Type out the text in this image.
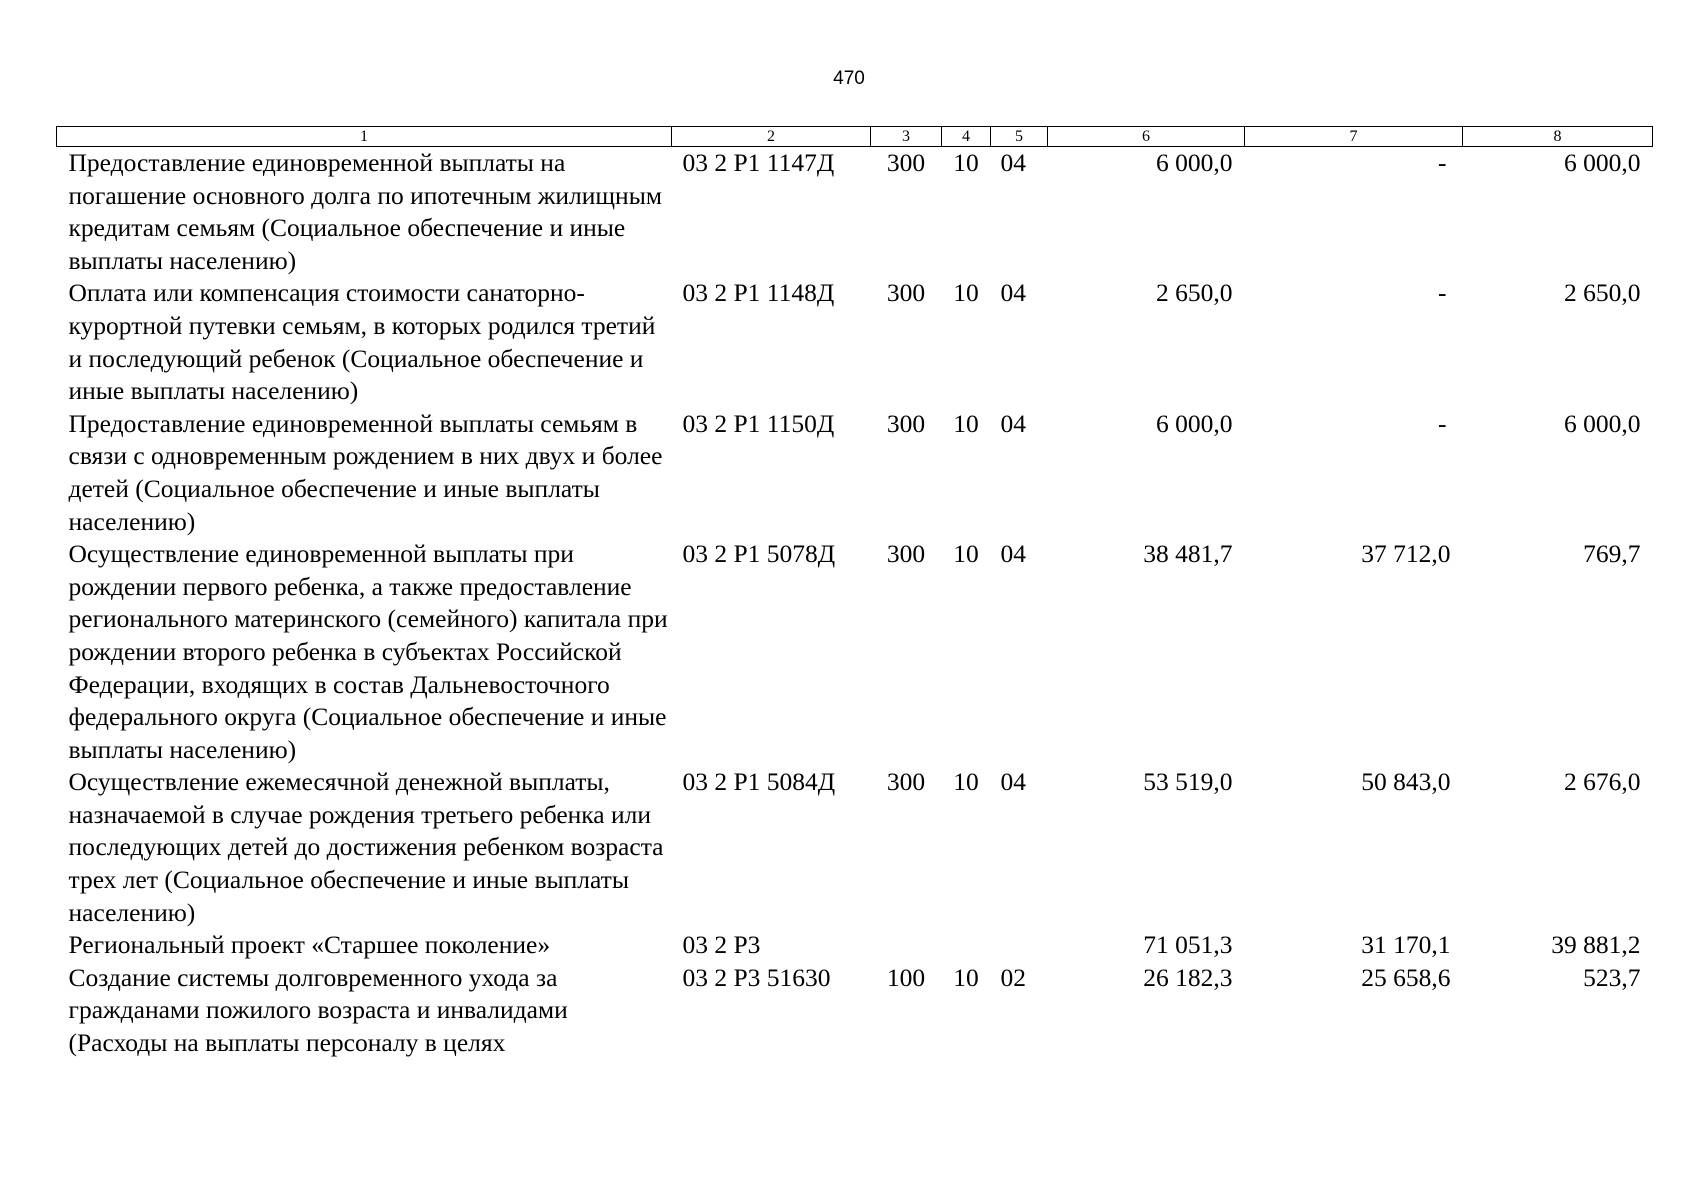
470
1	2	3	4	5	6	7	8
Предоставление единовременной выплаты на погашение основного долга по ипотечным жилищным кредитам семьям (Социальное обеспечение и иные выплаты населению)	03 2 Р1 1147Д	300	10	04	6 000,0	-	6 000,0
Оплата или компенсация стоимости санаторно-курортной путевки семьям, в которых родился третий и последующий ребенок (Социальное обеспечение и иные выплаты населению)	03 2 Р1 1148Д	300	10	04	2 650,0	-	2 650,0
Предоставление единовременной выплаты семьям в связи с одновременным рождением в них двух и более детей (Социальное обеспечение и иные выплаты населению)	03 2 Р1 1150Д	300	10	04	6 000,0	-	6 000,0
Осуществление единовременной выплаты при рождении первого ребенка, а также предоставление регионального материнского (семейного) капитала при рождении второго ребенка в субъектах Российской Федерации, входящих в состав Дальневосточного федерального округа (Социальное обеспечение и иные выплаты населению)	03 2 Р1 5078Д	300	10	04	38 481,7	37 712,0	769,7
Осуществление ежемесячной денежной выплаты, назначаемой в случае рождения третьего ребенка или последующих детей до достижения ребенком возраста трех лет (Социальное обеспечение и иные выплаты населению)	03 2 Р1 5084Д	300	10	04	53 519,0	50 843,0	2 676,0
Региональный проект «Старшее поколение»	03 2 Р3				71 051,3	31 170,1	39 881,2
Создание системы долговременного ухода за гражданами пожилого возраста и инвалидами (Расходы на выплаты персоналу в целях	03 2 Р3 51630	100	10	02	26 182,3	25 658,6	523,7
